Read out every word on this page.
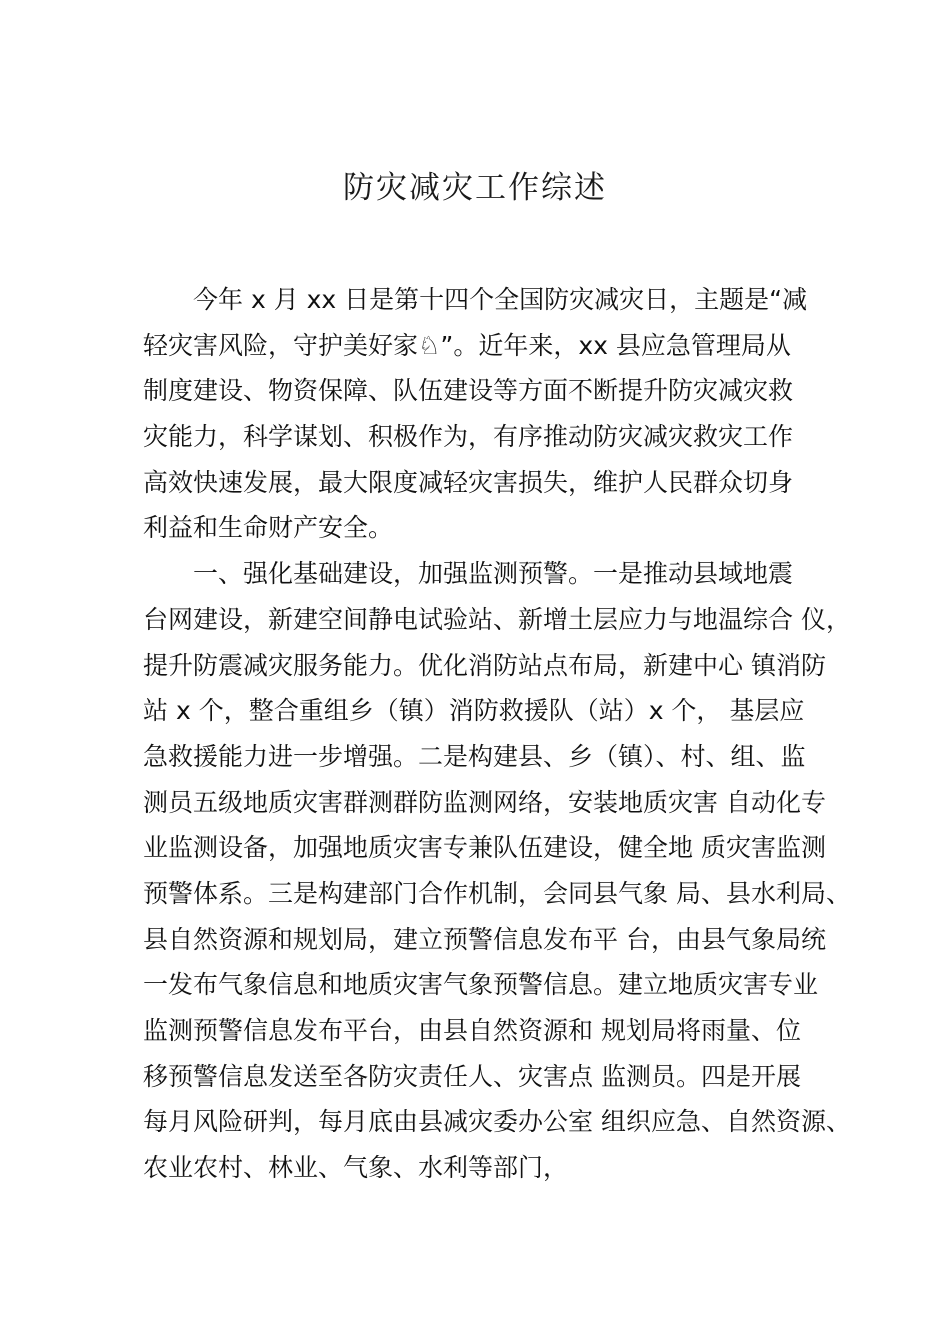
防灾减灾工作综述
今年 x 月 xx 日是第十四个全国防灾减灾日，主题是“减
轻灾害风险，守护美好家♘”。近年来，xx 县应急管理局从
制度建设、物资保障、队伍建设等方面不断提升防灾减灾救
灾能力，科学谋划、积极作为，有序推动防灾减灾救灾工作
高效快速发展，最大限度减轻灾害损失，维护人民群众切身
利益和生命财产安全。
一、强化基础建设，加强监测预警。一是推动县域地震
台网建设，新建空间静电试验站、新增土层应力与地温综合 仪，
提升防震减灾服务能力。优化消防站点布局，新建中心 镇消防
站 x 个，整合重组乡（镇）消防救援队（站）x 个， 基层应
急救援能力进一步增强。二是构建县、乡（镇）、村、组、监
测员五级地质灾害群测群防监测网络，安装地质灾害 自动化专
业监测设备，加强地质灾害专兼队伍建设，健全地 质灾害监测
预警体系。三是构建部门合作机制，会同县气象 局、县水利局、
县自然资源和规划局，建立预警信息发布平 台，由县气象局统
一发布气象信息和地质灾害气象预警信息。建立地质灾害专业
监测预警信息发布平台，由县自然资源和 规划局将雨量、位
移预警信息发送至各防灾责任人、灾害点 监测员。四是开展
每月风险研判，每月底由县减灾委办公室 组织应急、自然资源、
农业农村、林业、气象、水利等部门，
